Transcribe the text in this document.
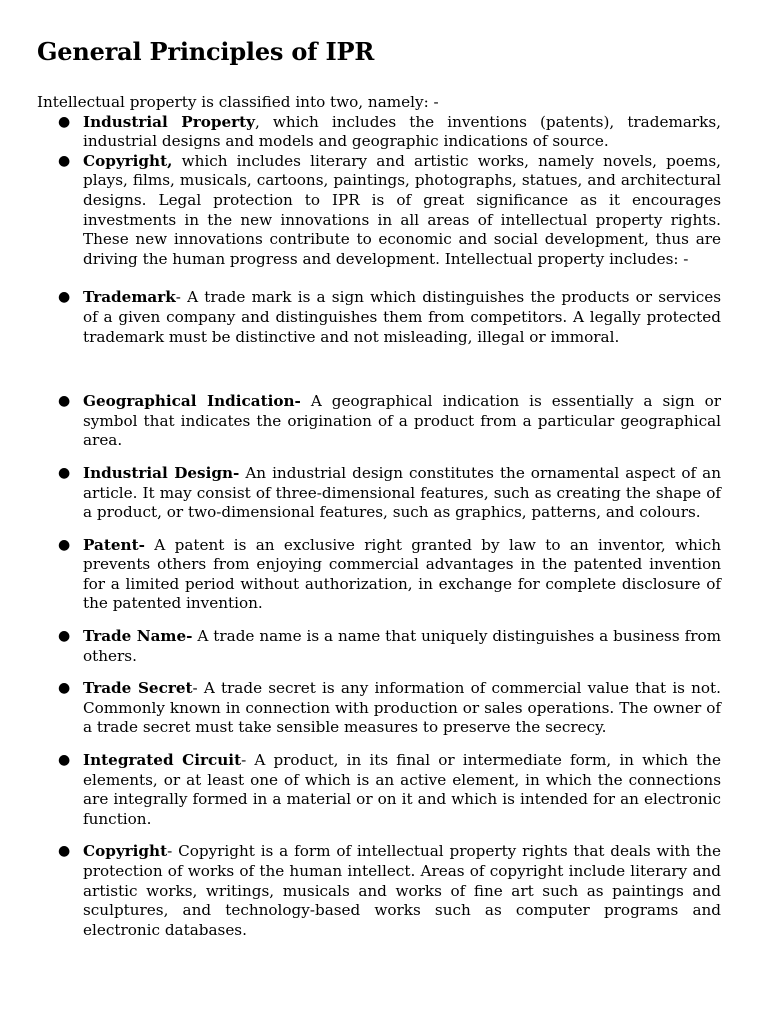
General Principles of IPR

Intellectual property is classified into two, namely: -

● Industrial Property, which includes the inventions (patents), trademarks, industrial designs and models and geographic indications of source.
● Copyright, which includes literary and artistic works, namely novels, poems, plays, films, musicals, cartoons, paintings, photographs, statues, and architectural designs. Legal protection to IPR is of great significance as it encourages investments in the new innovations in all areas of intellectual property rights. These new innovations contribute to economic and social development, thus are driving the human progress and development. Intellectual property includes: -
● Trademark- A trade mark is a sign which distinguishes the products or services of a given company and distinguishes them from competitors. A legally protected trademark must be distinctive and not misleading, illegal or immoral.
● Geographical Indication- A geographical indication is essentially a sign or symbol that indicates the origination of a product from a particular geographical area.
● Industrial Design- An industrial design constitutes the ornamental aspect of an article. It may consist of three-dimensional features, such as creating the shape of a product, or two-dimensional features, such as graphics, patterns, and colours.
● Patent- A patent is an exclusive right granted by law to an inventor, which prevents others from enjoying commercial advantages in the patented invention for a limited period without authorization, in exchange for complete disclosure of the patented invention.
● Trade Name- A trade name is a name that uniquely distinguishes a business from others.
● Trade Secret- A trade secret is any information of commercial value that is not. Commonly known in connection with production or sales operations. The owner of a trade secret must take sensible measures to preserve the secrecy.
● Integrated Circuit- A product, in its final or intermediate form, in which the elements, or at least one of which is an active element, in which the connections are integrally formed in a material or on it and which is intended for an electronic function.
● Copyright- Copyright is a form of intellectual property rights that deals with the protection of works of the human intellect. Areas of copyright include literary and artistic works, writings, musicals and works of fine art such as paintings and sculptures, and technology-based works such as computer programs and electronic databases.
